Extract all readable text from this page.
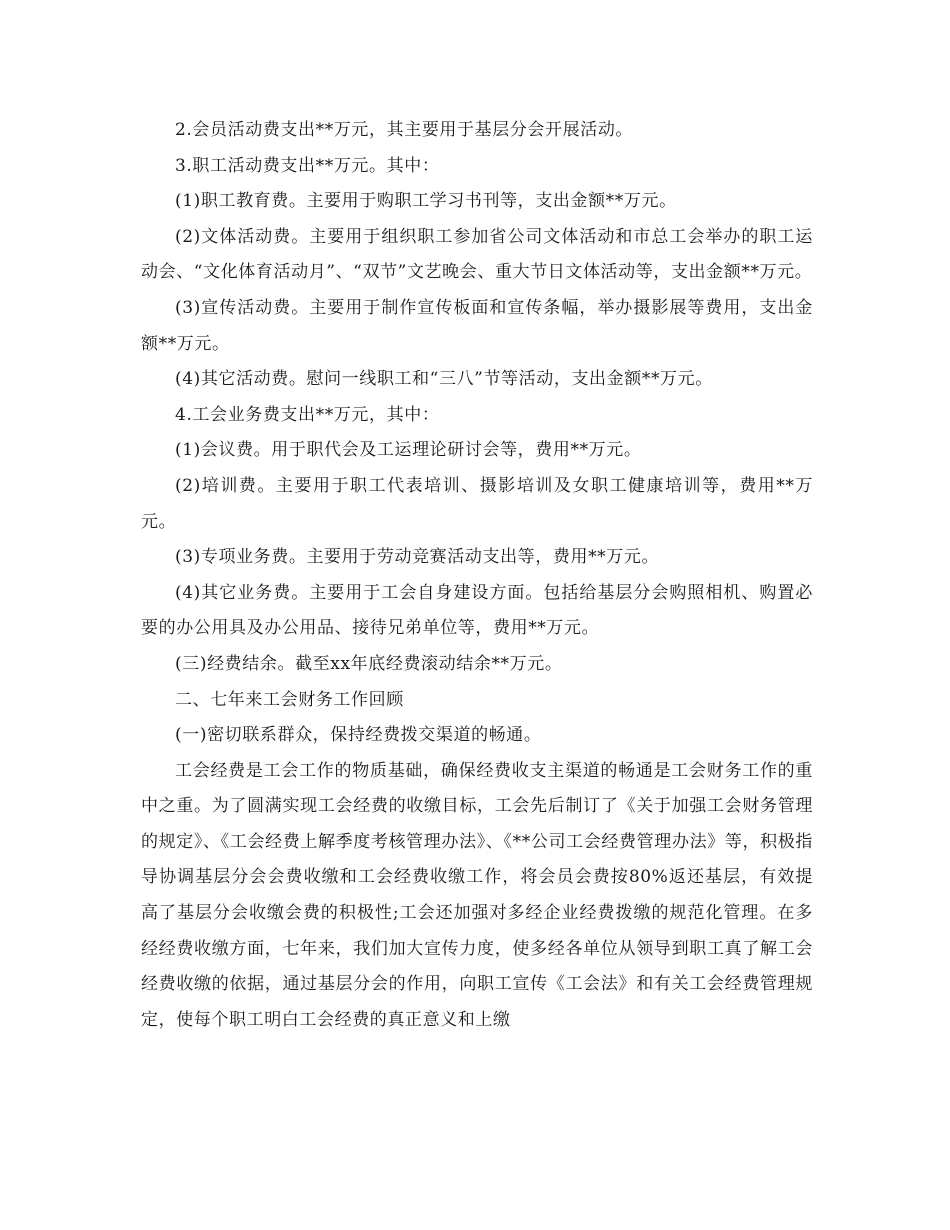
2.会员活动费支出**万元，其主要用于基层分会开展活动。

3.职工活动费支出**万元。其中：

(1)职工教育费。主要用于购职工学习书刊等，支出金额**万元。

(2)文体活动费。主要用于组织职工参加省公司文体活动和市总工会举办的职工运动会、“文化体育活动月”、“双节”文艺晚会、重大节日文体活动等，支出金额**万元。

(3)宣传活动费。主要用于制作宣传板面和宣传条幅，举办摄影展等费用，支出金额**万元。

(4)其它活动费。慰问一线职工和“三八”节等活动，支出金额**万元。

4.工会业务费支出**万元，其中：

(1)会议费。用于职代会及工运理论研讨会等，费用**万元。

(2)培训费。主要用于职工代表培训、摄影培训及女职工健康培训等，费用**万元。

(3)专项业务费。主要用于劳动竞赛活动支出等，费用**万元。

(4)其它业务费。主要用于工会自身建设方面。包括给基层分会购照相机、购置必要的办公用具及办公用品、接待兄弟单位等，费用**万元。

(三)经费结余。截至xx年底经费滚动结余**万元。

二、七年来工会财务工作回顾

(一)密切联系群众，保持经费拨交渠道的畅通。

工会经费是工会工作的物质基础，确保经费收支主渠道的畅通是工会财务工作的重中之重。为了圆满实现工会经费的收缴目标，工会先后制订了《关于加强工会财务管理的规定》、《工会经费上解季度考核管理办法》、《**公司工会经费管理办法》等，积极指导协调基层分会会费收缴和工会经费收缴工作，将会员会费按80%返还基层，有效提高了基层分会收缴会费的积极性;工会还加强对多经企业经费拨缴的规范化管理。在多经经费收缴方面，七年来，我们加大宣传力度，使多经各单位从领导到职工真了解工会经费收缴的依据，通过基层分会的作用，向职工宣传《工会法》和有关工会经费管理规定，使每个职工明白工会经费的真正意义和上缴
